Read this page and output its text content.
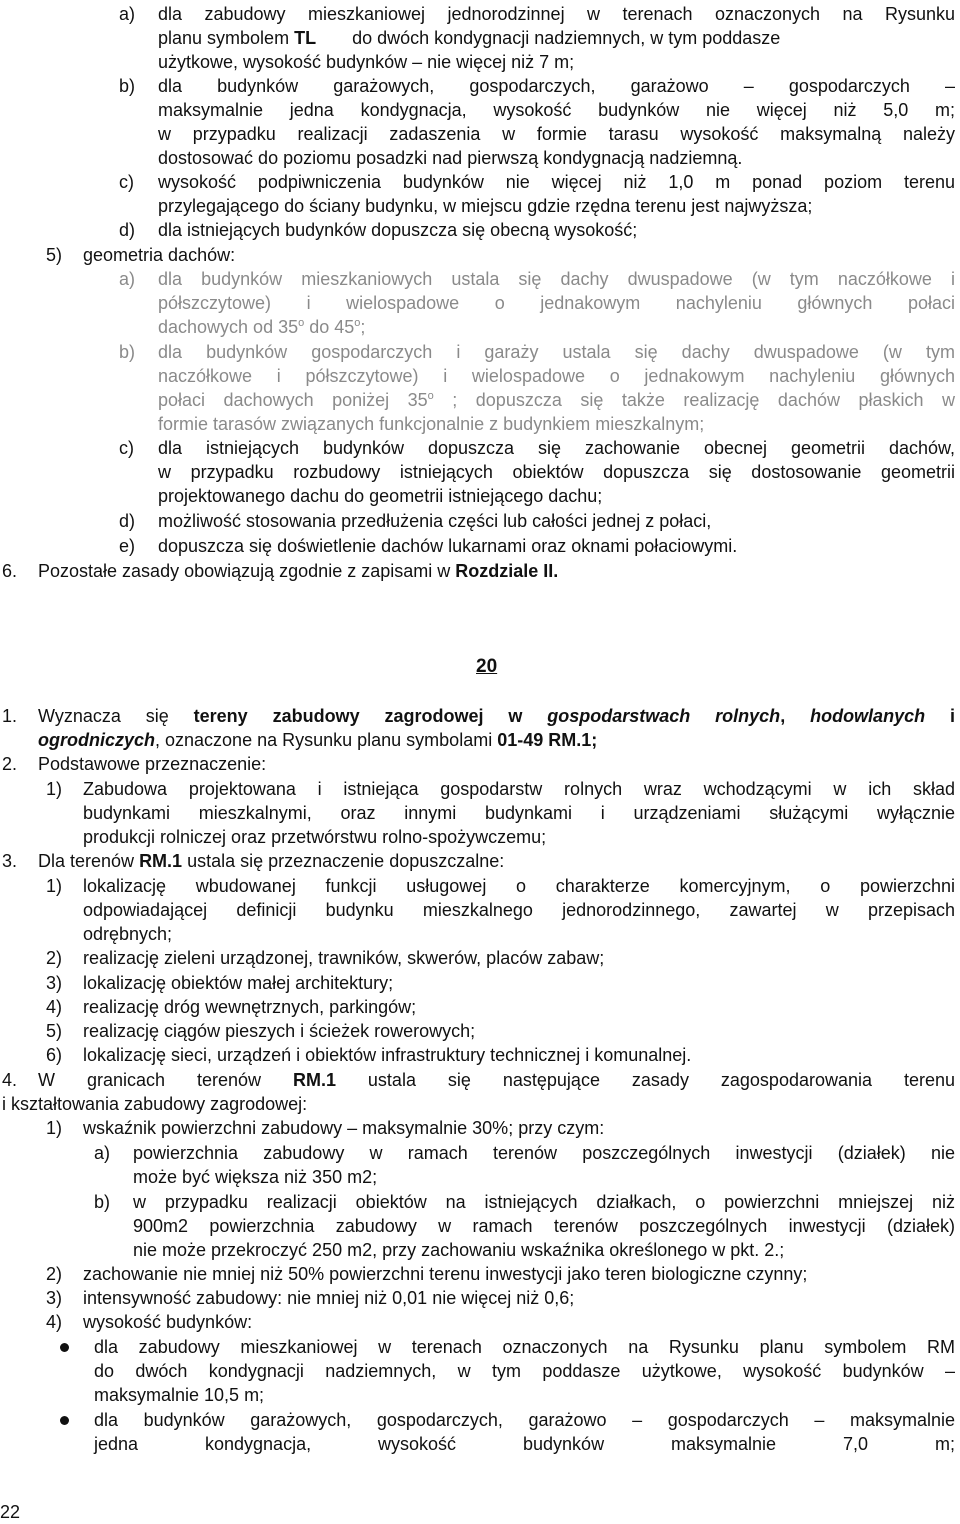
a) dla zabudowy mieszkaniowej jednorodzinnej w terenach oznaczonych na Rysunku
planu symbolem TL do dwóch kondygnacji nadziemnych, w tym poddasze
użytkowe, wysokość budynków – nie więcej niż 7 m;
b) dla budynków garażowych, gospodarczych, garażowo – gospodarczych –
maksymalnie jedna kondygnacja, wysokość budynków nie więcej niż 5,0 m;
w przypadku realizacji zadaszenia w formie tarasu wysokość maksymalną należy
dostosować do poziomu posadzki nad pierwszą kondygnacją nadziemną.
c) wysokość podpiwniczenia budynków nie więcej niż 1,0 m ponad poziom terenu
przylegającego do ściany budynku, w miejscu gdzie rzędna terenu jest najwyższa;
d) dla istniejących budynków dopuszcza się obecną wysokość;
5) geometria dachów:
a) dla budynków mieszkaniowych ustala się dachy dwuspadowe (w tym naczółkowe i
półszczytowe) i wielospadowe o jednakowym nachyleniu głównych połaci
dachowych od 35$^o$ do 45$^o$;
b) dla budynków gospodarczych i garaży ustala się dachy dwuspadowe (w tym
naczółkowe i półszczytowe) i wielospadowe o jednakowym nachyleniu głównych
połaci dachowych poniżej 35$^o$ ; dopuszcza się także realizację dachów płaskich w
formie tarasów związanych funkcjonalnie z budynkiem mieszkalnym;
c) dla istniejących budynków dopuszcza się zachowanie obecnej geometrii dachów,
w przypadku rozbudowy istniejących obiektów dopuszcza się dostosowanie geometrii
projektowanego dachu do geometrii istniejącego dachu;
d) możliwość stosowania przedłużenia części lub całości jednej z połaci,
e) dopuszcza się doświetlenie dachów lukarnami oraz oknami połaciowymi.
6. Pozostałe zasady obowiązują zgodnie z zapisami w Rozdziale II.
20
1. Wyznacza się tereny zabudowy zagrodowej w gospodarstwach rolnych, hodowlanych i
ogrodniczych, oznaczone na Rysunku planu symbolami 01-49 RM.1;
2. Podstawowe przeznaczenie:
1) Zabudowa projektowana i istniejąca gospodarstw rolnych wraz wchodzącymi w ich skład
budynkami mieszkalnymi, oraz innymi budynkami i urządzeniami służącymi wyłącznie
produkcji rolniczej oraz przetwórstwu rolno-spożywczemu;
3. Dla terenów RM.1 ustala się przeznaczenie dopuszczalne:
1) lokalizację wbudowanej funkcji usługowej o charakterze komercyjnym, o powierzchni
odpowiadającej definicji budynku mieszkalnego jednorodzinnego, zawartej w przepisach
odrębnych;
2) realizację zieleni urządzonej, trawników, skwerów, placów zabaw;
3) lokalizację obiektów małej architektury;
4) realizację dróg wewnętrznych, parkingów;
5) realizację ciągów pieszych i ścieżek rowerowych;
6) lokalizację sieci, urządzeń i obiektów infrastruktury technicznej i komunalnej.
4. W granicach terenów RM.1 ustala się następujące zasady zagospodarowania terenu
i kształtowania zabudowy zagrodowej:
1) wskaźnik powierzchni zabudowy – maksymalnie 30%; przy czym:
a) powierzchnia zabudowy w ramach terenów poszczególnych inwestycji (działek) nie
może być większa niż 350 m2;
b) w przypadku realizacji obiektów na istniejących działkach, o powierzchni mniejszej niż
900m2 powierzchnia zabudowy w ramach terenów poszczególnych inwestycji (działek)
nie może przekroczyć 250 m2, przy zachowaniu wskaźnika określonego w pkt. 2.;
2) zachowanie nie mniej niż 50% powierzchni terenu inwestycji jako teren biologiczne czynny;
3) intensywność zabudowy: nie mniej niż 0,01 nie więcej niż 0,6;
4) wysokość budynków:
dla zabudowy mieszkaniowej w terenach oznaczonych na Rysunku planu symbolem RM
do dwóch kondygnacji nadziemnych, w tym poddasze użytkowe, wysokość budynków –
maksymalnie 10,5 m;
dla budynków garażowych, gospodarczych, garażowo – gospodarczych – maksymalnie
jedna kondygnacja, wysokość budynków maksymalnie 7,0 m;
22
